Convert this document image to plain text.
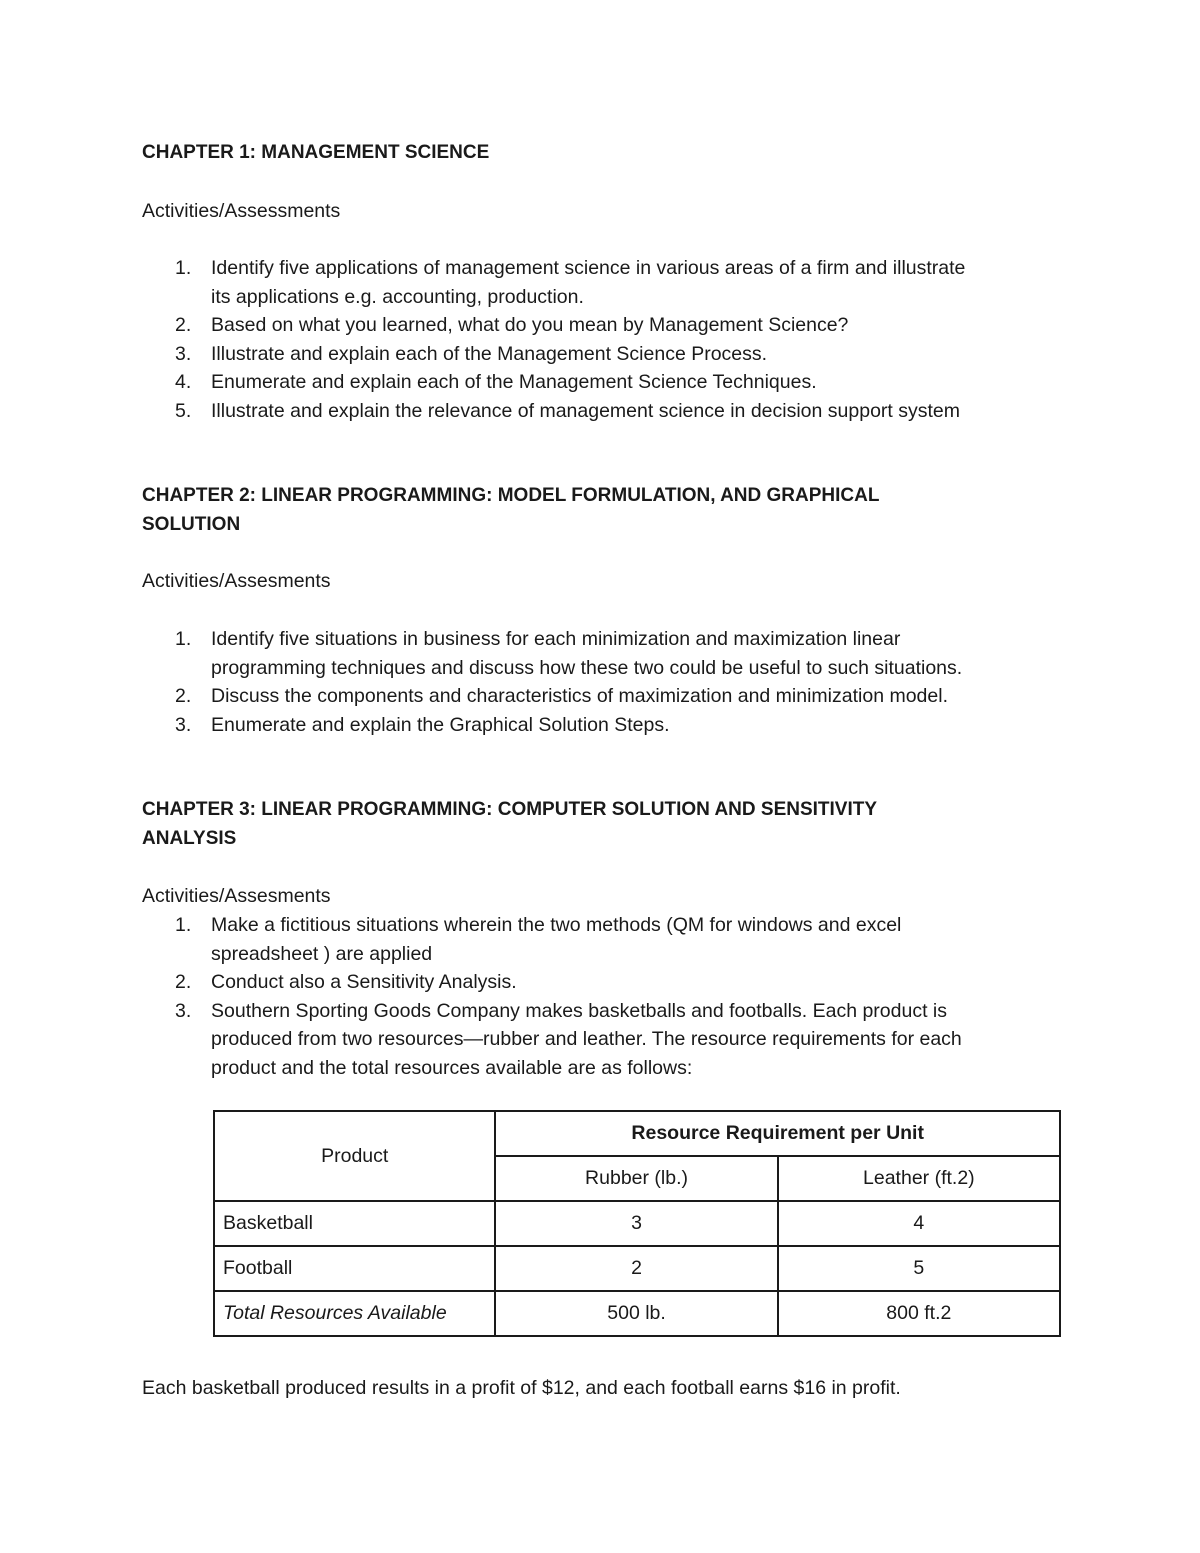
CHAPTER 1: MANAGEMENT SCIENCE

Activities/Assessments

1. Identify five applications of management science in various areas of a firm and illustrate
its applications e.g. accounting, production.
2. Based on what you learned, what do you mean by Management Science?
3. Illustrate and explain each of the Management Science Process.
4. Enumerate and explain each of the Management Science Techniques.
5. Illustrate and explain the relevance of management science in decision support system
CHAPTER 2: LINEAR PROGRAMMING: MODEL FORMULATION, AND GRAPHICAL
SOLUTION

Activities/Assesments

1. Identify five situations in business for each minimization and maximization linear
programming techniques and discuss how these two could be useful to such situations.
2. Discuss the components and characteristics of maximization and minimization model.
3. Enumerate and explain the Graphical Solution Steps.
CHAPTER 3: LINEAR PROGRAMMING: COMPUTER SOLUTION AND SENSITIVITY
ANALYSIS

Activities/Assesments

1. Make a fictitious situations wherein the two methods (QM for windows and excel
spreadsheet ) are applied
2. Conduct also a Sensitivity Analysis.
3. Southern Sporting Goods Company makes basketballs and footballs. Each product is
produced from two resources—rubber and leather. The resource requirements for each
product and the total resources available are as follows:
Product	Resource Requirement per Unit	
	Rubber (lb.)	Leather (ft.2)
Basketball	3	4
Football	2	5
Total Resources Available	500 lb.	800 ft.2

Each basketball produced results in a profit of $12, and each football earns $16 in profit.
